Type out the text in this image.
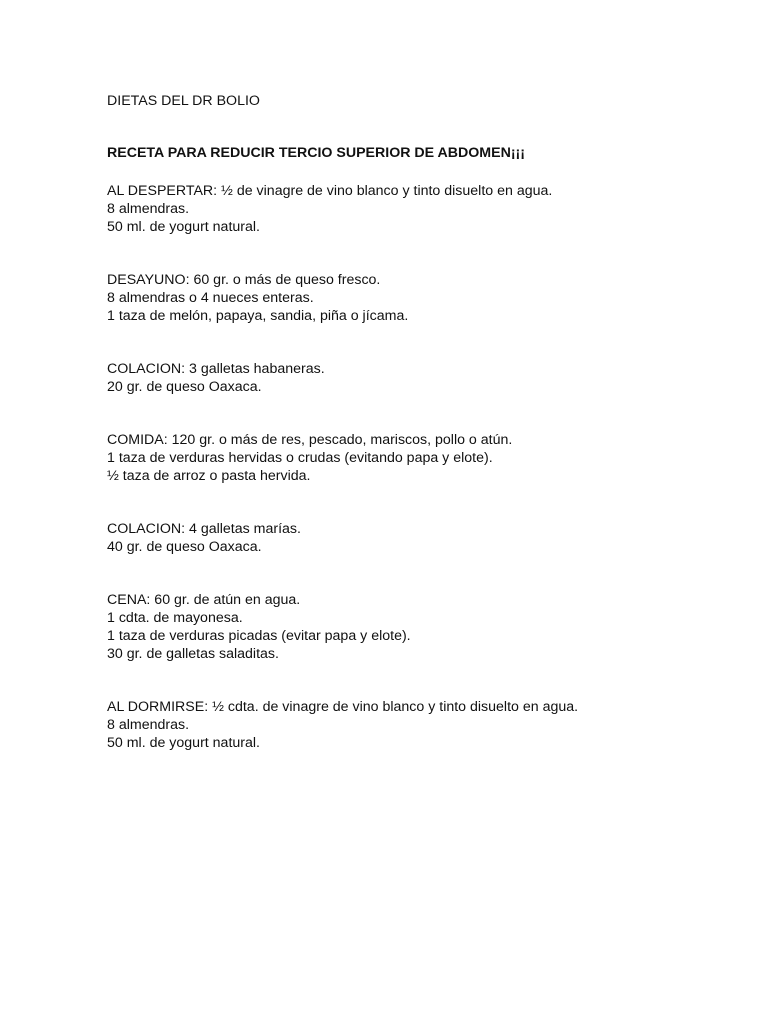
DIETAS DEL DR BOLIO
RECETA PARA REDUCIR TERCIO SUPERIOR DE ABDOMEN¡¡¡

AL DESPERTAR: ½ de vinagre de vino blanco y tinto disuelto en agua.

8 almendras.

50 ml. de yogurt natural.

DESAYUNO: 60 gr. o más de queso fresco.

8 almendras o 4 nueces enteras.

1 taza de melón, papaya, sandia, piña o jícama.

COLACION: 3 galletas habaneras.

20 gr. de queso Oaxaca.

COMIDA: 120 gr. o más de res, pescado, mariscos, pollo o atún.

1 taza de verduras hervidas o crudas (evitando papa y elote).

½ taza de arroz o pasta hervida.

COLACION: 4 galletas marías.

40 gr. de queso Oaxaca.

CENA: 60 gr. de atún en agua.

1 cdta. de mayonesa.

1 taza de verduras picadas (evitar papa y elote).

30 gr. de galletas saladitas.

AL DORMIRSE: ½ cdta. de vinagre de vino blanco y tinto disuelto en agua.

8 almendras.

50 ml. de yogurt natural.
